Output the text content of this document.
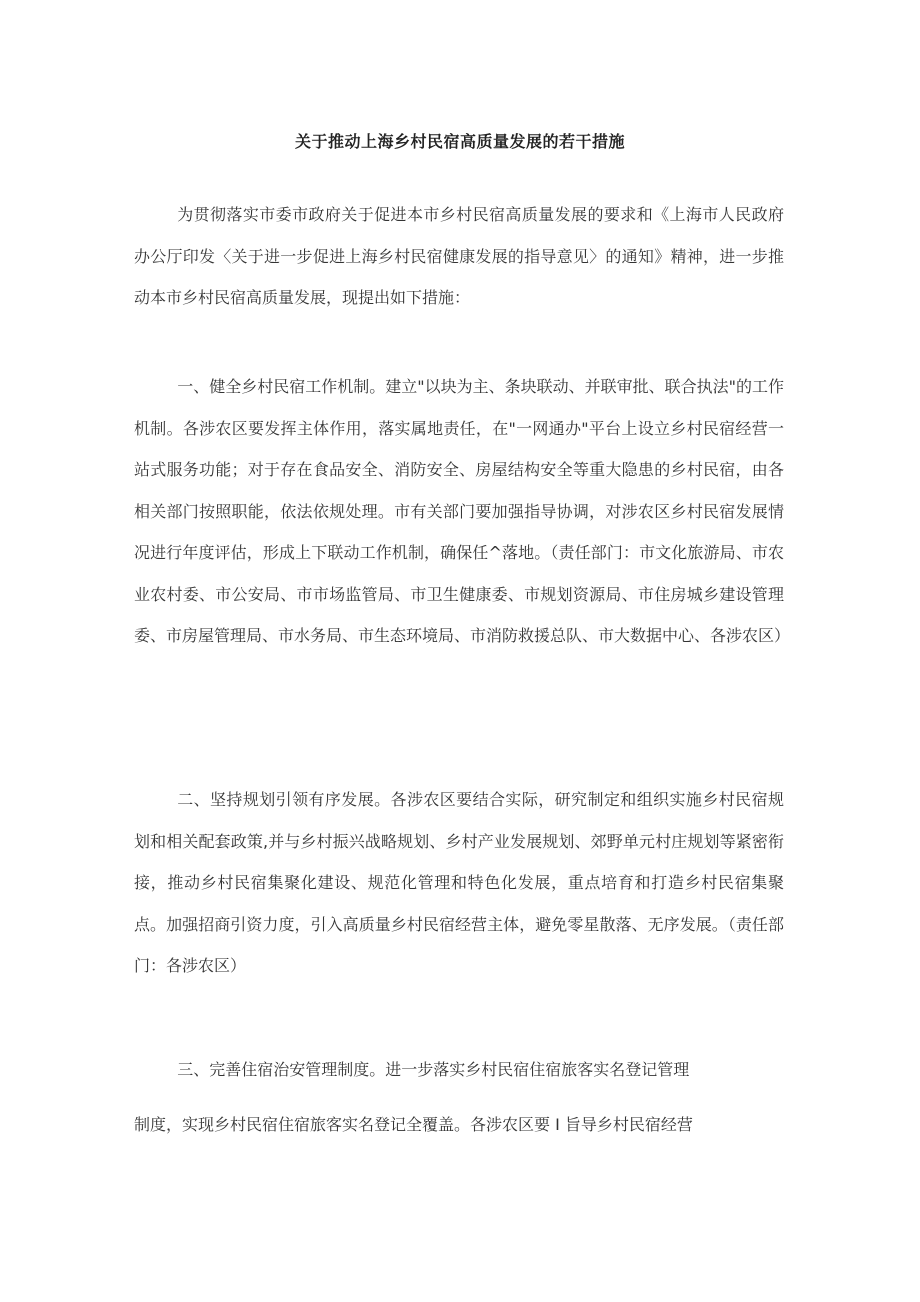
关于推动上海乡村民宿高质量发展的若干措施

为贯彻落实市委市政府关于促进本市乡村民宿高质量发展的要求和《上海市人民政府办公厅印发〈关于进一步促进上海乡村民宿健康发展的指导意见〉的通知》精神，进一步推动本市乡村民宿高质量发展，现提出如下措施：

一、健全乡村民宿工作机制。建立"以块为主、条块联动、并联审批、联合执法"的工作机制。各涉农区要发挥主体作用，落实属地责任，在"一网通办"平台上设立乡村民宿经营一站式服务功能；对于存在食品安全、消防安全、房屋结构安全等重大隐患的乡村民宿，由各相关部门按照职能，依法依规处理。市有关部门要加强指导协调，对涉农区乡村民宿发展情况进行年度评估，形成上下联动工作机制，确保任^落地。（责任部门：市文化旅游局、市农业农村委、市公安局、市市场监管局、市卫生健康委、市规划资源局、市住房城乡建设管理委、市房屋管理局、市水务局、市生态环境局、市消防救援总队、市大数据中心、各涉农区）

二、坚持规划引领有序发展。各涉农区要结合实际，研究制定和组织实施乡村民宿规划和相关配套政策,并与乡村振兴战略规划、乡村产业发展规划、郊野单元村庄规划等紧密衔接，推动乡村民宿集聚化建设、规范化管理和特色化发展，重点培育和打造乡村民宿集聚点。加强招商引资力度，引入高质量乡村民宿经营主体，避免零星散落、无序发展。（责任部门：各涉农区）

三、完善住宿治安管理制度。进一步落实乡村民宿住宿旅客实名登记管理

制度，实现乡村民宿住宿旅客实名登记全覆盖。各涉农区要 I 旨导乡村民宿经营
